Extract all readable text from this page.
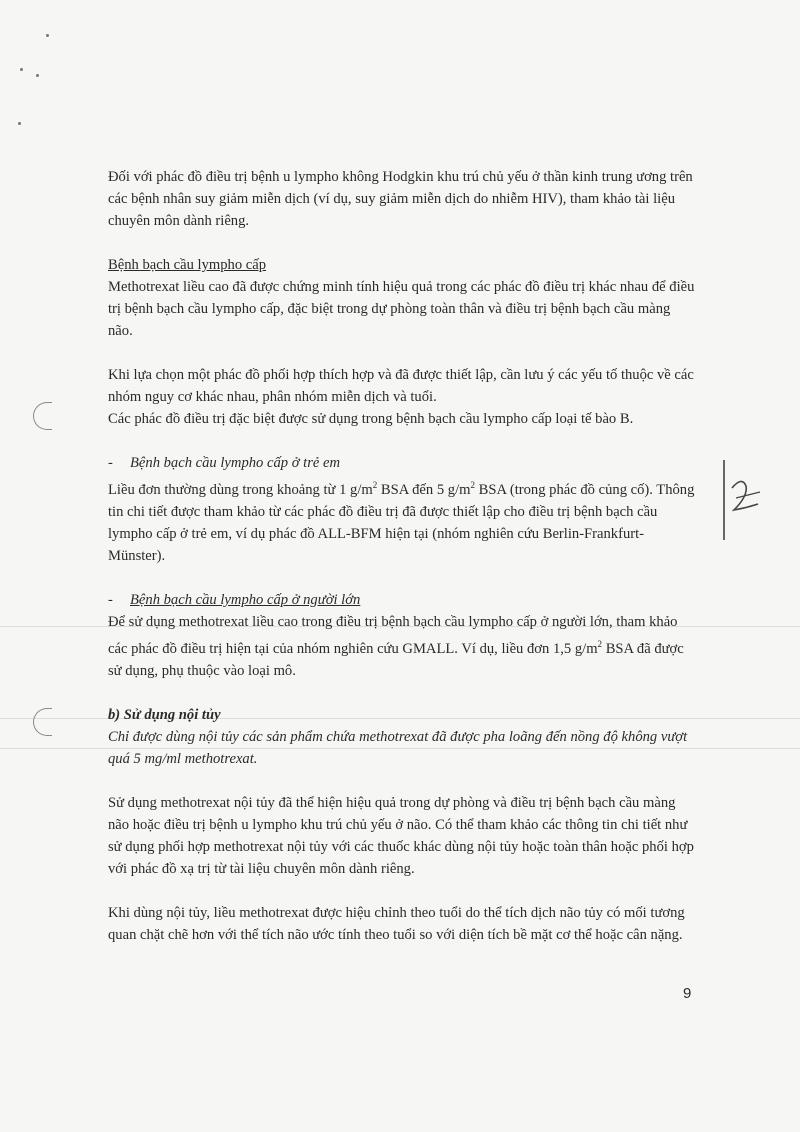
Đối với phác đồ điều trị bệnh u lympho không Hodgkin khu trú chủ yếu ở thần kinh trung ương trên các bệnh nhân suy giảm miễn dịch (ví dụ, suy giảm miễn dịch do nhiễm HIV), tham khảo tài liệu chuyên môn dành riêng.

Bệnh bạch cầu lympho cấp

Methotrexat liều cao đã được chứng minh tính hiệu quả trong các phác đồ điều trị khác nhau để điều trị bệnh bạch cầu lympho cấp, đặc biệt trong dự phòng toàn thân và điều trị bệnh bạch cầu màng não.

Khi lựa chọn một phác đồ phối hợp thích hợp và đã được thiết lập, cần lưu ý các yếu tố thuộc về các nhóm nguy cơ khác nhau, phân nhóm miễn dịch và tuổi.

Các phác đồ điều trị đặc biệt được sử dụng trong bệnh bạch cầu lympho cấp loại tế bào B.

- Bệnh bạch cầu lympho cấp ở trẻ em

Liều đơn thường dùng trong khoảng từ 1 $g/m^2$ BSA đến 5 $g/m^2$ BSA (trong phác đồ củng cố). Thông tin chi tiết được tham khảo từ các phác đồ điều trị đã được thiết lập cho điều trị bệnh bạch cầu lympho cấp ở trẻ em, ví dụ phác đồ ALL-BFM hiện tại (nhóm nghiên cứu Berlin-Frankfurt-Münster).

- Bệnh bạch cầu lympho cấp ở người lớn

Để sử dụng methotrexat liều cao trong điều trị bệnh bạch cầu lympho cấp ở người lớn, tham khảo các phác đồ điều trị hiện tại của nhóm nghiên cứu GMALL. Ví dụ, liều đơn 1,5 $g/m^2$ BSA đã được sử dụng, phụ thuộc vào loại mô.

b) Sử dụng nội tủy

Chỉ được dùng nội tủy các sản phẩm chứa methotrexat đã được pha loãng đến nồng độ không vượt quá 5 mg/ml methotrexat.

Sử dụng methotrexat nội tủy đã thể hiện hiệu quả trong dự phòng và điều trị bệnh bạch cầu màng não hoặc điều trị bệnh u lympho khu trú chủ yếu ở não. Có thể tham khảo các thông tin chi tiết như sử dụng phối hợp methotrexat nội tủy với các thuốc khác dùng nội tủy hoặc toàn thân hoặc phối hợp với phác đồ xạ trị từ tài liệu chuyên môn dành riêng.

Khi dùng nội tủy, liều methotrexat được hiệu chỉnh theo tuổi do thể tích dịch não tủy có mối tương quan chặt chẽ hơn với thể tích não ước tính theo tuổi so với diện tích bề mặt cơ thể hoặc cân nặng.

9
